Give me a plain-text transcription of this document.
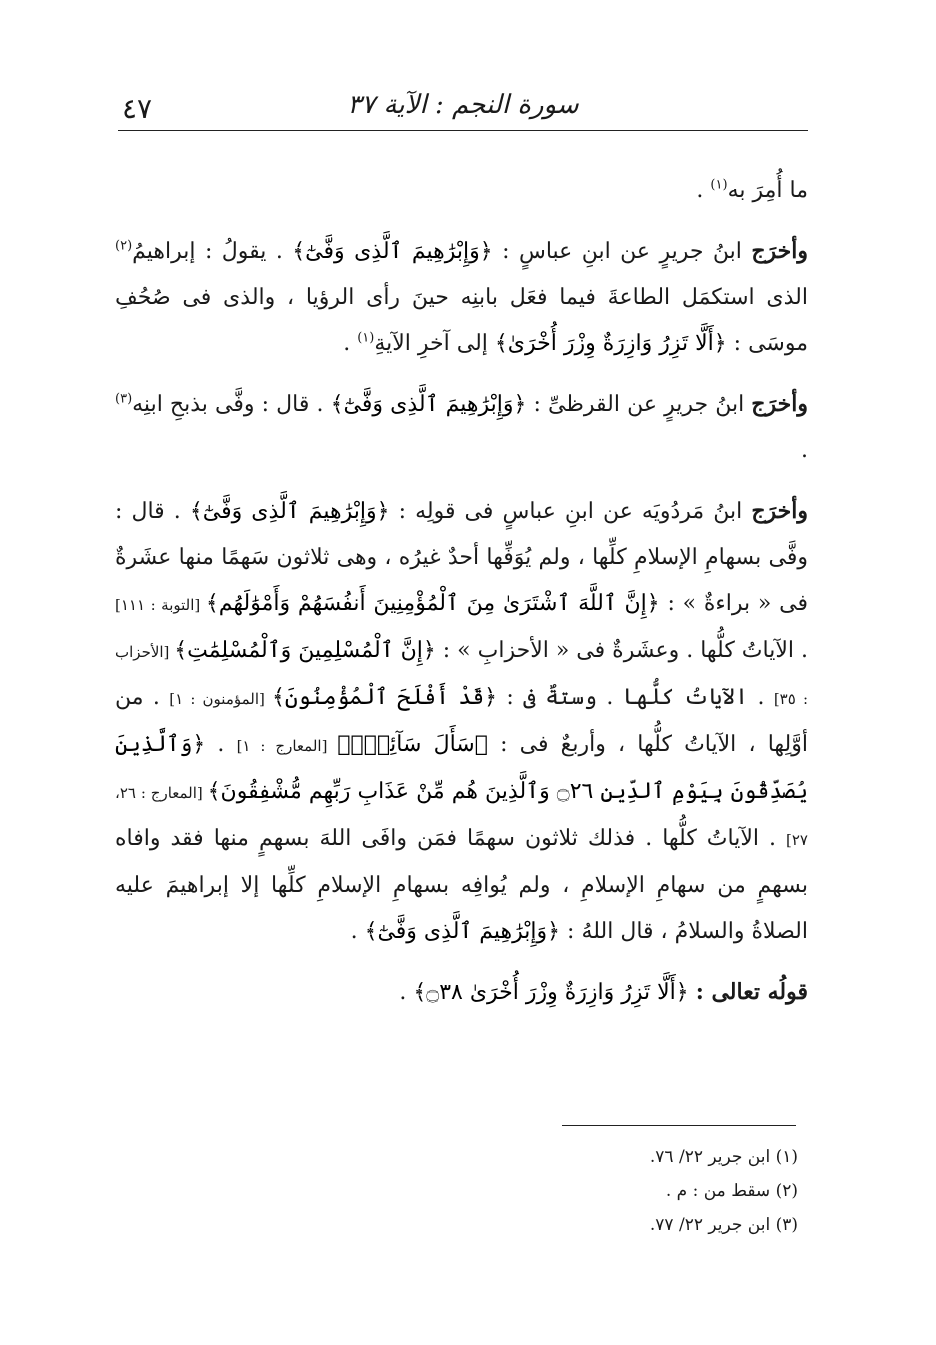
٤٧	سورة النجم : الآية ٣٧

ما أُمِرَ به$^{(١)}$ .

وأخرَج ابنُ جريرٍ عن ابنِ عباسٍ : ﴿وَإِبْرَٰهِيمَ ٱلَّذِى وَفَّىٰٓ﴾ . يقولُ : إبراهيمُ$^{(٢)}$ الذى استكمَل الطاعةَ فيما فعَل بابنِه حينَ رأى الرؤيا ، والذى فى صُحُفِ موسَى : ﴿أَلَّا تَزِرُ وَازِرَةٌ وِزْرَ أُخْرَىٰ﴾ إلى آخرِ الآيةِ$^{(١)}$ .

وأخرَج ابنُ جريرٍ عن القرظىِّ : ﴿وَإِبْرَٰهِيمَ ٱلَّذِى وَفَّىٰٓ﴾ . قال : وفَّى بذبحِ ابنِه$^{(٣)}$ .

وأخرَج ابنُ مَردُويَه عن ابنِ عباسٍ فى قولِه : ﴿وَإِبْرَٰهِيمَ ٱلَّذِى وَفَّىٰٓ﴾ . قال : وفَّى بسهامِ الإسلامِ كلِّها ، ولم يُوَفِّها أحدٌ غيرُه ، وهى ثلاثون سَهمًا منها عشَرةٌ فى « براءةٌ » : ﴿إِنَّ ٱللَّهَ ٱشْتَرَىٰ مِنَ ٱلْمُؤْمِنِينَ أَنفُسَهُمْ وَأَمْوَٰلَهُم﴾ [التوبة : ١١١] . الآياتُ كلُّها . وعشَرةٌ فى « الأحزابِ » : ﴿إِنَّ ٱلْمُسْلِمِينَ وَٱلْمُسْلِمَٰتِ﴾ [الأحزاب : ٣٥] . الآياتُ كلُّها . وستةٌ فى : ﴿قَدْ أَفْلَحَ ٱلْمُؤْمِنُونَ﴾ [المؤمنون : ١] . من أوَّلِها ، الآياتُ كلُّها ، وأربعٌ فى : ﴿سَأَلَ سَآئِلٌۢ﴾ [المعارج : ١] . ﴿وَٱلَّذِينَ يُصَدِّقُونَ بِيَوْمِ ٱلدِّينِ ۝٢٦ وَٱلَّذِينَ هُم مِّنْ عَذَابِ رَبِّهِم مُّشْفِقُونَ﴾ [المعارج : ٢٦، ٢٧] . الآياتُ كلُّها . فذلك ثلاثون سهمًا فمَن وافَى اللهَ بسهمٍ منها فقد وافاه بسهمٍ من سهامِ الإسلامِ ، ولم يُوافِه بسهامِ الإسلامِ كلِّها إلا إبراهيمَ عليه الصلاةُ والسلامُ ، قال اللهُ : ﴿وَإِبْرَٰهِيمَ ٱلَّذِى وَفَّىٰٓ﴾ .

قولُه تعالى : ﴿أَلَّا تَزِرُ وَازِرَةٌ وِزْرَ أُخْرَىٰ ۝٣٨﴾ .

(١) ابن جرير ٢٢/ ٧٦.

(٢) سقط من : م .

(٣) ابن جرير ٢٢/ ٧٧.
